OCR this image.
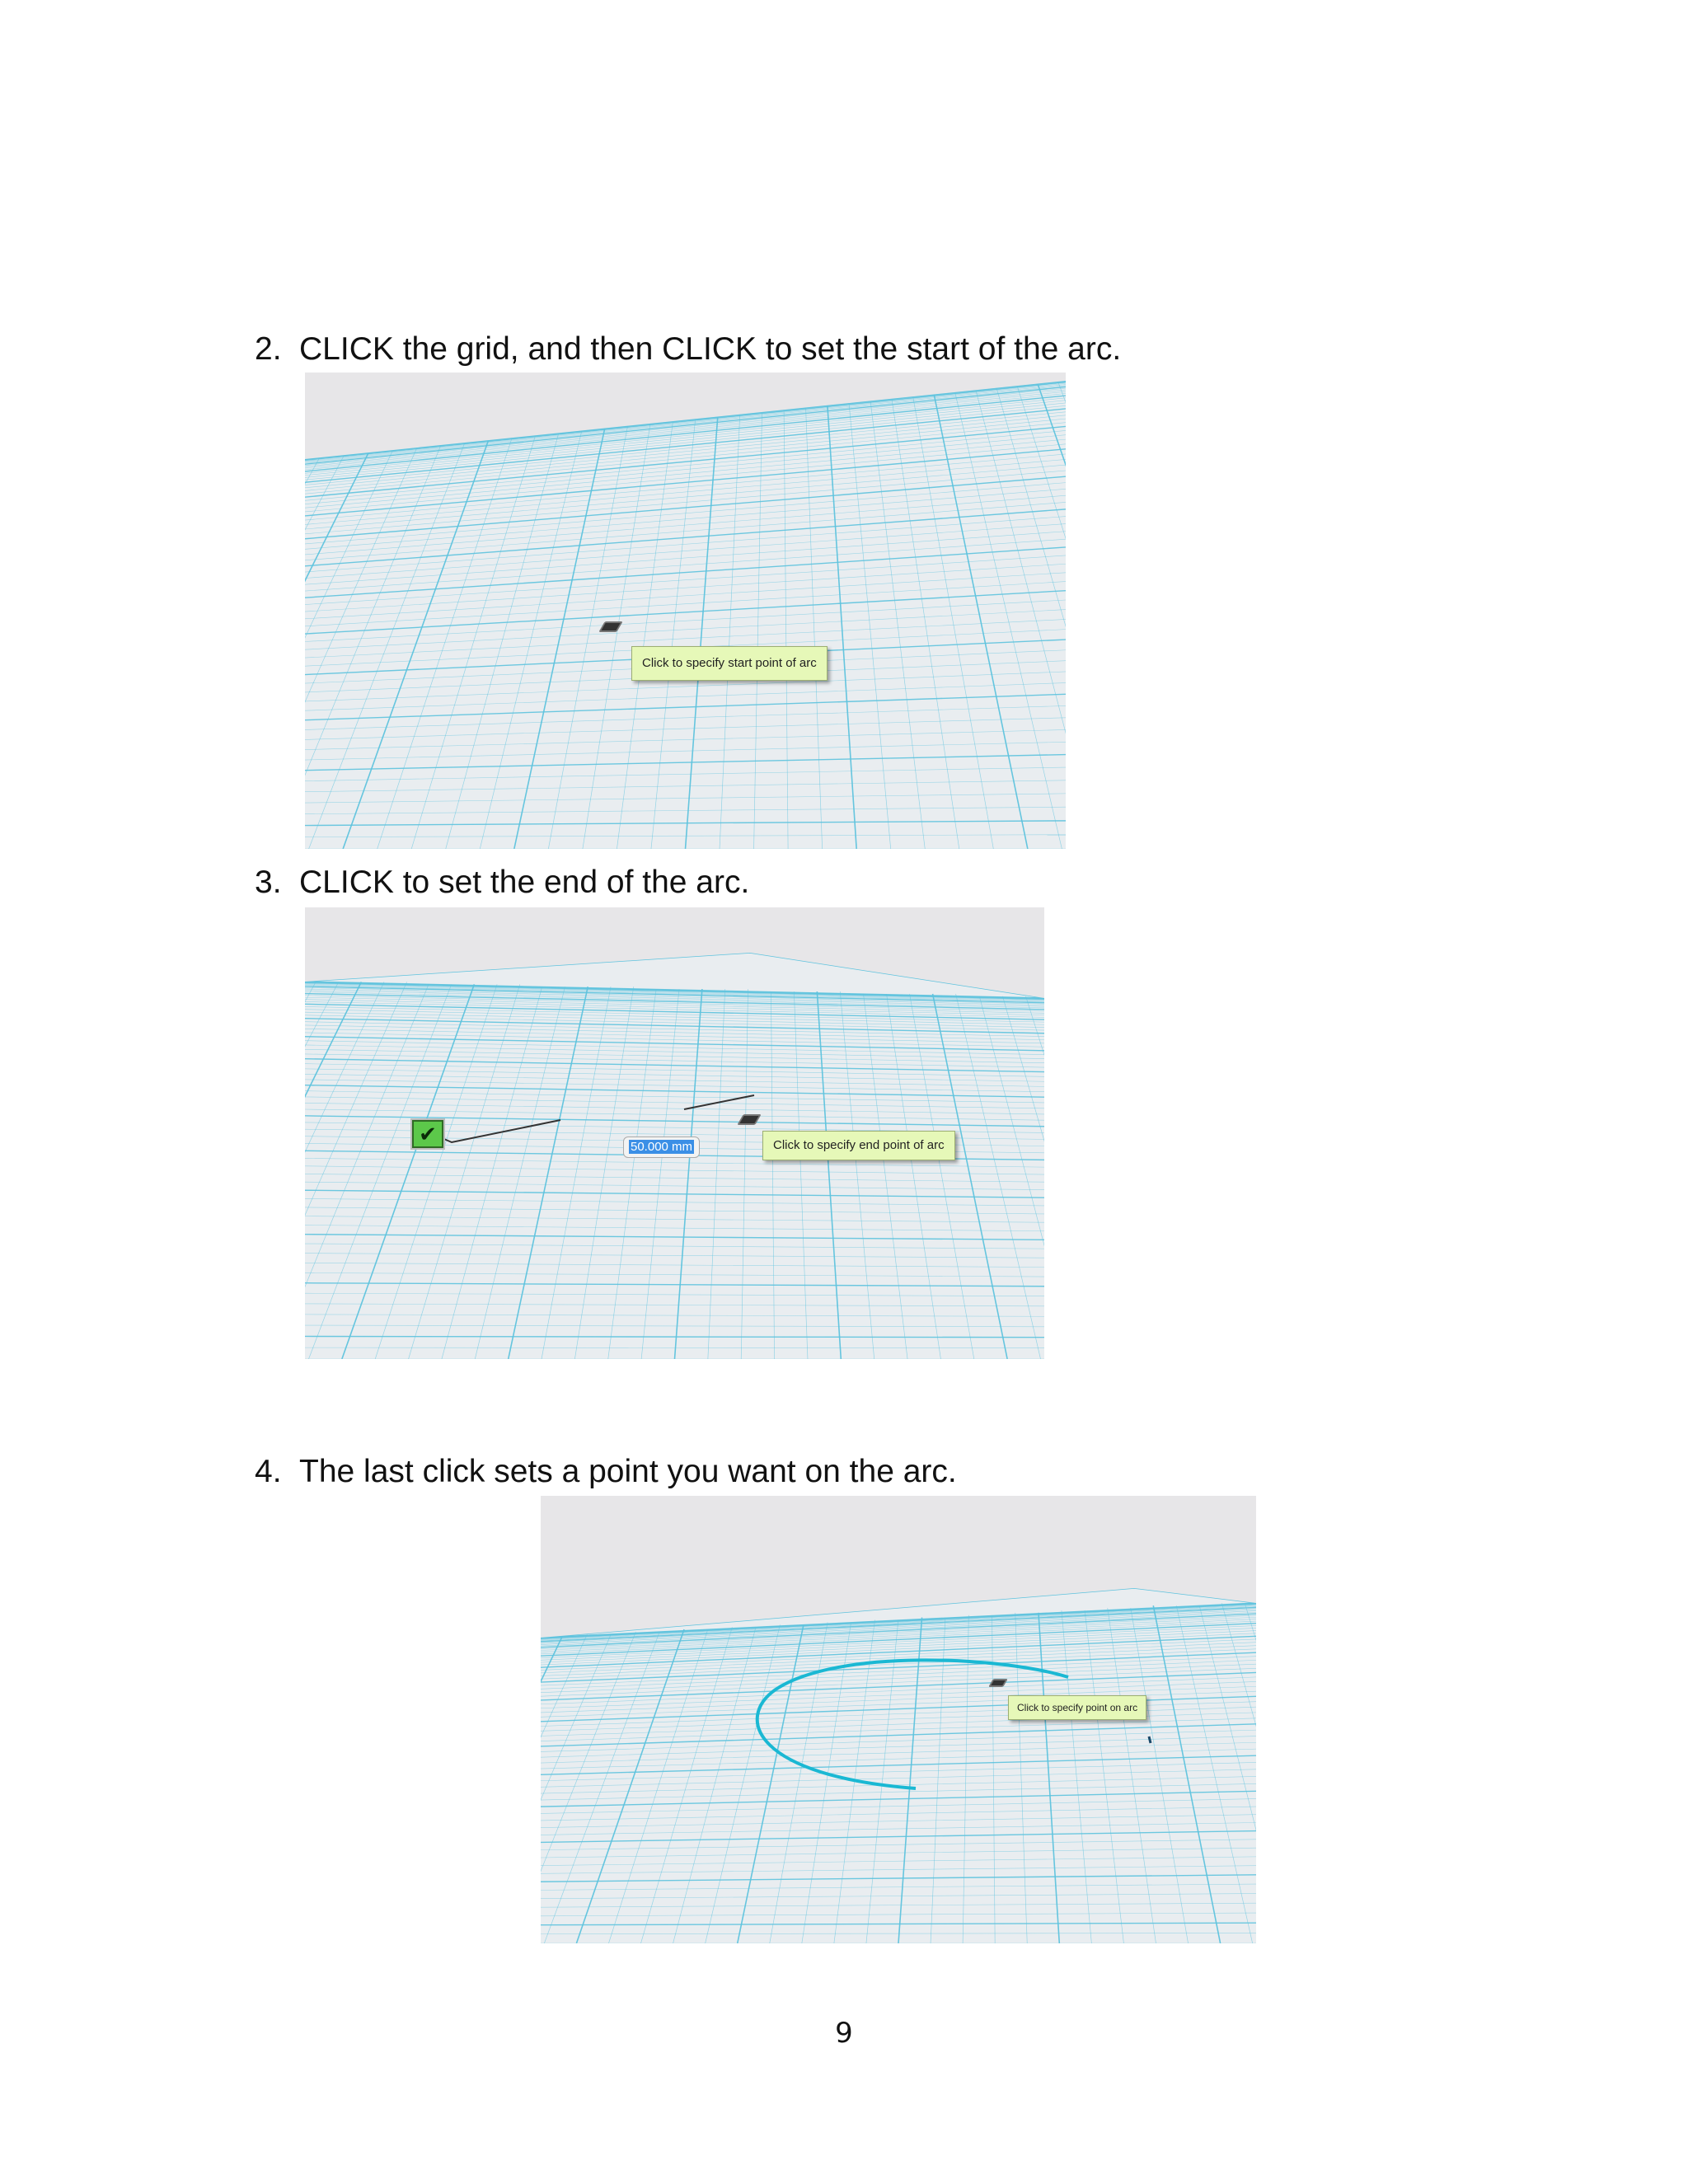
2. CLICK the grid, and then CLICK to set the start of the arc.
Click to specify start point of arc
3. CLICK to set the end of the arc.
✔
50.000 mm	Click to specify end point of arc
4. The last click sets a point you want on the arc.
Click to specify point on arc
9
